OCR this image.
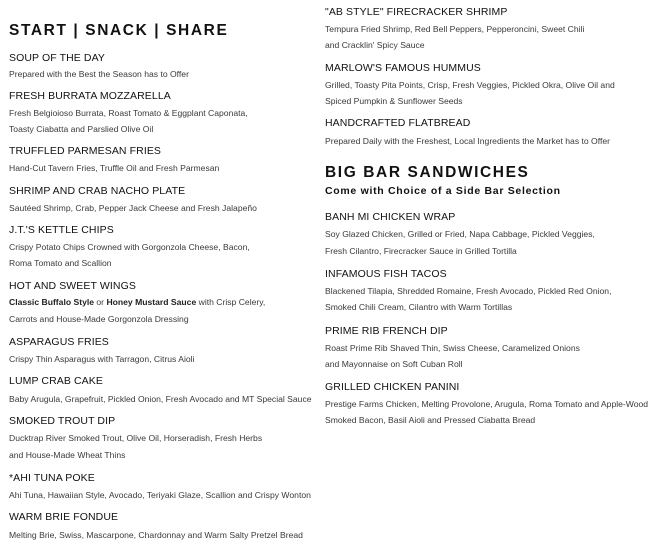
START | SNACK | SHARE
SOUP OF THE DAY
Prepared with the Best the Season has to Offer
FRESH BURRATA MOZZARELLA
Fresh Belgioioso Burrata, Roast Tomato & Eggplant Caponata,
Toasty Ciabatta and Parslied Olive Oil
TRUFFLED PARMESAN FRIES
Hand-Cut Tavern Fries, Truffle Oil and Fresh Parmesan
SHRIMP AND CRAB NACHO PLATE
Sautéed Shrimp, Crab, Pepper Jack Cheese and Fresh Jalapeño
J.T.'S KETTLE CHIPS
Crispy Potato Chips Crowned with Gorgonzola Cheese, Bacon,
Roma Tomato and Scallion
HOT AND SWEET WINGS
Classic Buffalo Style or Honey Mustard Sauce with Crisp Celery,
Carrots and House-Made Gorgonzola Dressing
ASPARAGUS FRIES
Crispy Thin Asparagus with Tarragon, Citrus Aioli
LUMP CRAB CAKE
Baby Arugula, Grapefruit, Pickled Onion, Fresh Avocado and MT Special Sauce
SMOKED TROUT DIP
Ducktrap River Smoked Trout, Olive Oil, Horseradish, Fresh Herbs
and House-Made Wheat Thins
*AHI TUNA POKE
Ahi Tuna, Hawaiian Style, Avocado, Teriyaki Glaze, Scallion and Crispy Wonton
WARM BRIE FONDUE
Melting Brie, Swiss, Mascarpone, Chardonnay and Warm Salty Pretzel Bread
"AB STYLE" FIRECRACKER SHRIMP
Tempura Fried Shrimp, Red Bell Peppers, Pepperoncini, Sweet Chili
and Cracklin' Spicy Sauce
MARLOW'S FAMOUS HUMMUS
Grilled, Toasty Pita Points, Crisp, Fresh Veggies, Pickled Okra, Olive Oil and
Spiced Pumpkin & Sunflower Seeds
HANDCRAFTED FLATBREAD
Prepared Daily with the Freshest, Local Ingredients the Market has to Offer
BIG BAR SANDWICHES
Come with Choice of a Side Bar Selection
BANH MI CHICKEN WRAP
Soy Glazed Chicken, Grilled or Fried, Napa Cabbage, Pickled Veggies,
Fresh Cilantro, Firecracker Sauce in Grilled Tortilla
INFAMOUS FISH TACOS
Blackened Tilapia, Shredded Romaine, Fresh Avocado, Pickled Red Onion,
Smoked Chili Cream, Cilantro with Warm Tortillas
PRIME RIB FRENCH DIP
Roast Prime Rib Shaved Thin, Swiss Cheese, Caramelized Onions
and Mayonnaise on Soft Cuban Roll
GRILLED CHICKEN PANINI
Prestige Farms Chicken, Melting Provolone, Arugula, Roma Tomato and Apple-Wood
Smoked Bacon, Basil Aioli and Pressed Ciabatta Bread
